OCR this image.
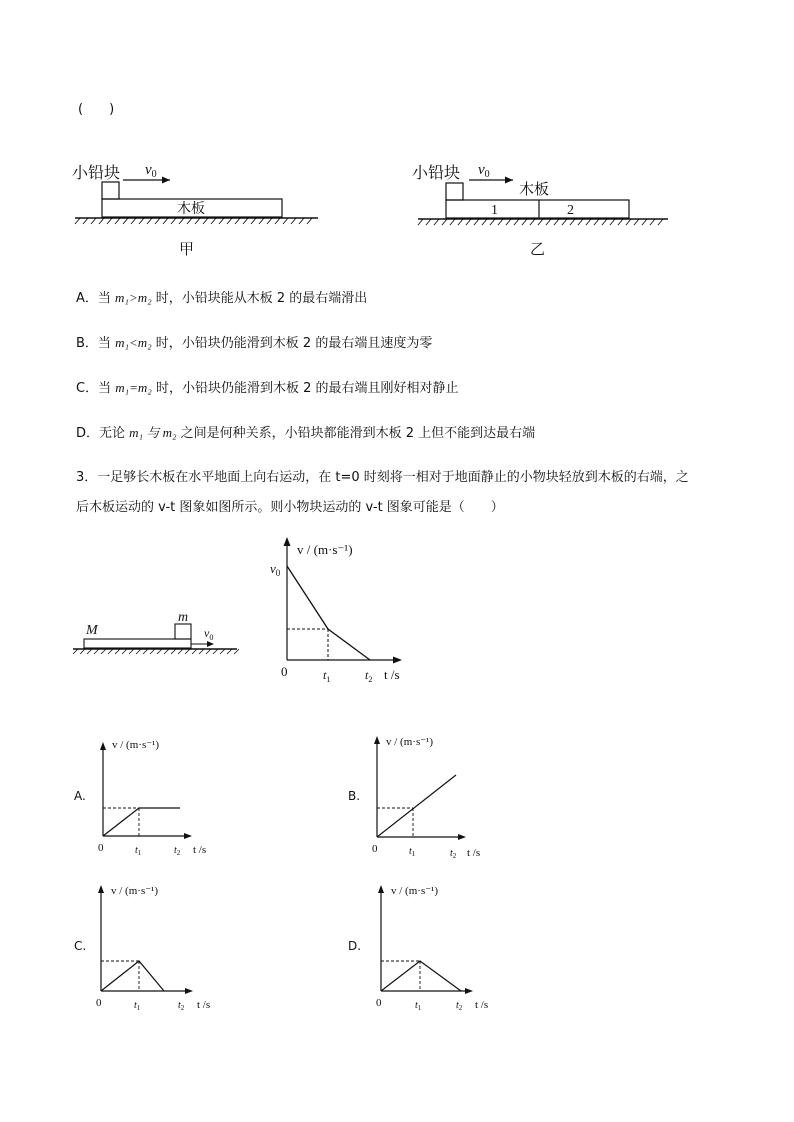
(　　)
小铅块 $v_0$
木板
甲
小铅块 $v_0$
木板
1	2
乙
A．当 m₁>m₂ 时，小铅块能从木板 2 的最右端滑出
B．当 m₁<m₂ 时，小铅块仍能滑到木板 2 的最右端且速度为零
C．当 m₁=m₂ 时，小铅块仍能滑到木板 2 的最右端且刚好相对静止
D．无论 m₁ 与 m₂ 之间是何种关系，小铅块都能滑到木板 2 上但不能到达最右端
3．一足够长木板在水平地面上向右运动，在 t=0 时刻将一相对于地面静止的小物块轻放到木板的右端，之
后木板运动的 v-t 图象如图所示。则小物块运动的 v-t 图象可能是（　　）
M
m
$v_0$
v / (m·s⁻¹)
$v_0$
0	$t_1$	$t_2$ t /s
A.
v / (m·s⁻¹)
0	$t_1$	$t_2$ t /s
B.
v / (m·s⁻¹)
0	$t_1$	$t_2$ t /s
C.
v / (m·s⁻¹)
0	$t_1$	$t_2$ t /s
D.
v / (m·s⁻¹)
0	$t_1$	$t_2$ t /s
